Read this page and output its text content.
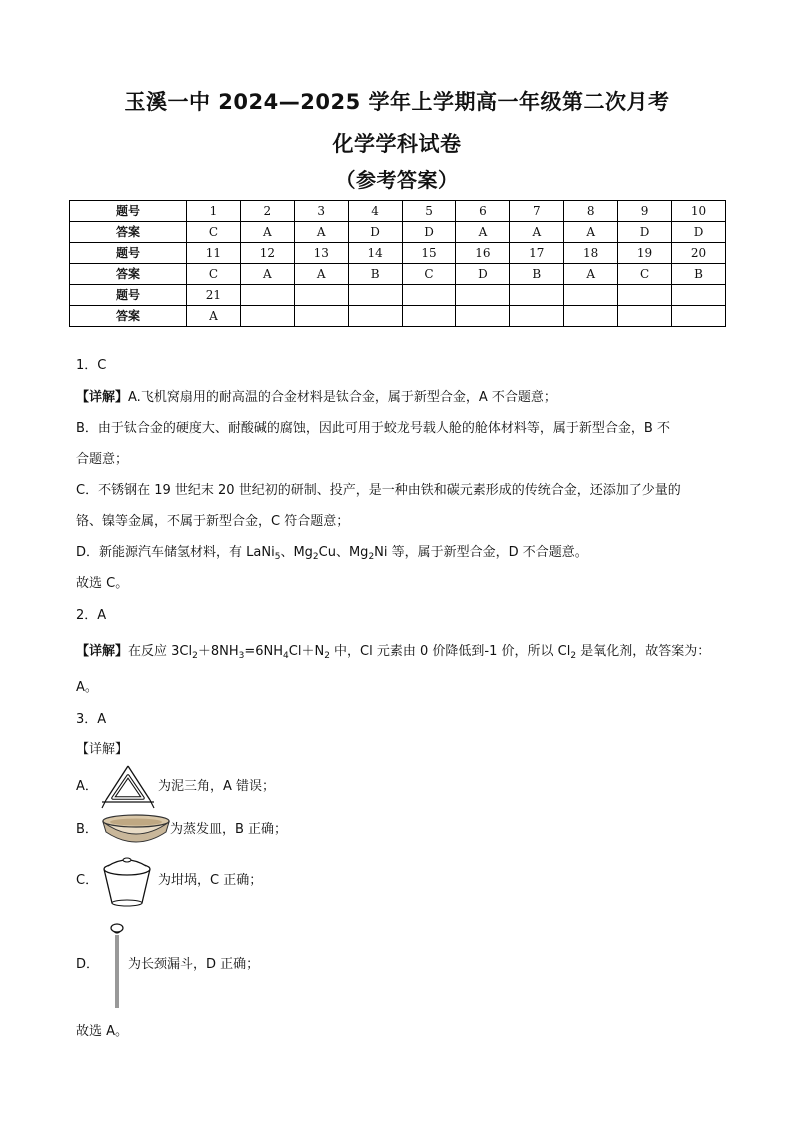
玉溪一中 2024—2025 学年上学期高一年级第二次月考
化学学科试卷
（参考答案）
题号	1	2	3	4	5	6	7	8	9	10
答案	C	A	A	D	D	A	A	A	D	D
题号	11	12	13	14	15	16	17	18	19	20
答案	C	A	A	B	C	D	B	A	C	B
题号	21									
答案	A									
1．C
【详解】A.飞机窝扇用的耐高温的合金材料是钛合金，属于新型合金，A 不合题意；
B．由于钛合金的硬度大、耐酸碱的腐蚀，因此可用于蛟龙号载人舱的舱体材料等，属于新型合金，B 不
合题意；
C．不锈钢在 19 世纪末 20 世纪初的研制、投产，是一种由铁和碳元素形成的传统合金，还添加了少量的
铬、镍等金属，不属于新型合金，C 符合题意；
D．新能源汽车储氢材料，有 LaNi$_5$、$Mg_2Cu$、$Mg_2Ni$ 等，属于新型合金，D 不合题意。
故选 C。
2．A
【详解】在反应 $3Cl_2+8NH_3=6NH_4Cl+N_2$ 中，Cl 元素由 0 价降低到-1 价，所以 $Cl_2$ 是氧化剂，故答案为：
A。
3．A
【详解】
A．	为泥三角，A 错误；
B．	为蒸发皿，B 正确；
C．	为坩埚，C 正确；
D． 为长颈漏斗，D 正确；
故选 A。
